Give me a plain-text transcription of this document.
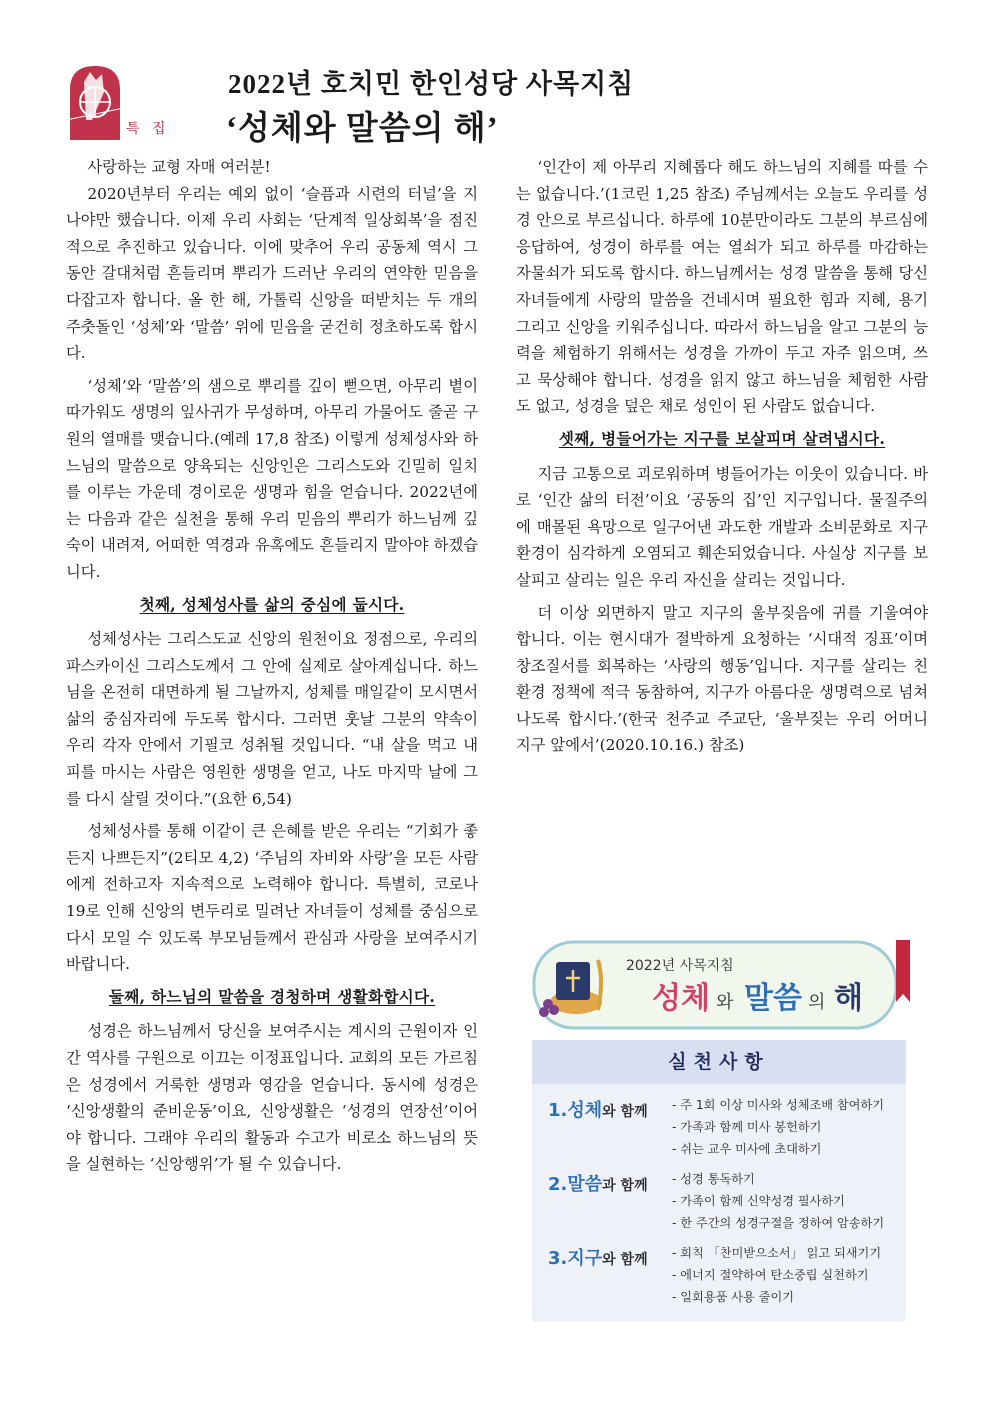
특 집
2022년 호치민 한인성당 사목지침
‘성체와 말씀의 해’

사랑하는 교형 자매 여러분!

2020년부터 우리는 예외 없이 ‘슬픔과 시련의 터널’을 지나야만 했습니다. 이제 우리 사회는 ‘단계적 일상회복’을 점진적으로 추진하고 있습니다. 이에 맞추어 우리 공동체 역시 그동안 갈대처럼 흔들리며 뿌리가 드러난 우리의 연약한 믿음을 다잡고자 합니다. 올 한 해, 가톨릭 신앙을 떠받치는 두 개의 주춧돌인 ‘성체’와 ‘말씀’ 위에 믿음을 굳건히 정초하도록 합시다.

‘성체’와 ‘말씀’의 샘으로 뿌리를 깊이 뻗으면, 아무리 볕이 따가워도 생명의 잎사귀가 무성하며, 아무리 가물어도 줄곧 구원의 열매를 맺습니다.(예레 17,8 참조) 이렇게 성체성사와 하느님의 말씀으로 양육되는 신앙인은 그리스도와 긴밀히 일치를 이루는 가운데 경이로운 생명과 힘을 얻습니다. 2022년에는 다음과 같은 실천을 통해 우리 믿음의 뿌리가 하느님께 깊숙이 내려져, 어떠한 역경과 유혹에도 흔들리지 말아야 하겠습니다.

첫째, 성체성사를 삶의 중심에 둡시다.

성체성사는 그리스도교 신앙의 원천이요 정점으로, 우리의 파스카이신 그리스도께서 그 안에 실제로 살아계십니다. 하느님을 온전히 대면하게 될 그날까지, 성체를 매일같이 모시면서 삶의 중심자리에 두도록 합시다. 그러면 훗날 그분의 약속이 우리 각자 안에서 기필코 성취될 것입니다. “내 살을 먹고 내 피를 마시는 사람은 영원한 생명을 얻고, 나도 마지막 날에 그를 다시 살릴 것이다.”(요한 6,54)

성체성사를 통해 이같이 큰 은혜를 받은 우리는 “기회가 좋든지 나쁘든지”(2티모 4,2) ‘주님의 자비와 사랑’을 모든 사람에게 전하고자 지속적으로 노력해야 합니다. 특별히, 코로나19로 인해 신앙의 변두리로 밀려난 자녀들이 성체를 중심으로 다시 모일 수 있도록 부모님들께서 관심과 사랑을 보여주시기 바랍니다.

둘째, 하느님의 말씀을 경청하며 생활화합시다.

성경은 하느님께서 당신을 보여주시는 계시의 근원이자 인간 역사를 구원으로 이끄는 이정표입니다. 교회의 모든 가르침은 성경에서 거룩한 생명과 영감을 얻습니다. 동시에 성경은 ‘신앙생활의 준비운동’이요, 신앙생활은 ‘성경의 연장선’이어야 합니다. 그래야 우리의 활동과 수고가 비로소 하느님의 뜻을 실현하는 ‘신앙행위’가 될 수 있습니다.

‘인간이 제 아무리 지혜롭다 해도 하느님의 지혜를 따를 수는 없습니다.’(1코린 1,25 참조) 주님께서는 오늘도 우리를 성경 안으로 부르십니다. 하루에 10분만이라도 그분의 부르심에 응답하여, 성경이 하루를 여는 열쇠가 되고 하루를 마감하는 자물쇠가 되도록 합시다. 하느님께서는 성경 말씀을 통해 당신 자녀들에게 사랑의 말씀을 건네시며 필요한 힘과 지혜, 용기 그리고 신앙을 키워주십니다. 따라서 하느님을 알고 그분의 능력을 체험하기 위해서는 성경을 가까이 두고 자주 읽으며, 쓰고 묵상해야 합니다. 성경을 읽지 않고 하느님을 체험한 사람도 없고, 성경을 덮은 채로 성인이 된 사람도 없습니다.

셋째, 병들어가는 지구를 보살피며 살려냅시다.

지금 고통으로 괴로워하며 병들어가는 이웃이 있습니다. 바로 ‘인간 삶의 터전’이요 ‘공동의 집’인 지구입니다. 물질주의에 매몰된 욕망으로 일구어낸 과도한 개발과 소비문화로 지구환경이 심각하게 오염되고 훼손되었습니다. 사실상 지구를 보살피고 살리는 일은 우리 자신을 살리는 것입니다.

더 이상 외면하지 말고 지구의 울부짖음에 귀를 기울여야 합니다. 이는 현시대가 절박하게 요청하는 ‘시대적 징표’이며 창조질서를 회복하는 ‘사랑의 행동’입니다. 지구를 살리는 친환경 정책에 적극 동참하여, 지구가 아름다운 생명력으로 넘쳐나도록 합시다.’(한국 천주교 주교단, ‘울부짖는 우리 어머니 지구 앞에서’(2020.10.16.) 참조)

2022년 사목지침
성체 와 말씀 의 해
실천사항
1.성체와 함께	- 주 1회 이상 미사와 성체조배 참여하기
- 가족과 함께 미사 봉헌하기
- 쉬는 교우 미사에 초대하기
2.말씀과 함께	- 성경 통독하기
- 가족이 함께 신약성경 필사하기
- 한 주간의 성경구절을 정하여 암송하기
3.지구와 함께	- 회칙 「찬미받으소서」 읽고 되새기기
- 에너지 절약하여 탄소중립 실천하기
- 일회용품 사용 줄이기
